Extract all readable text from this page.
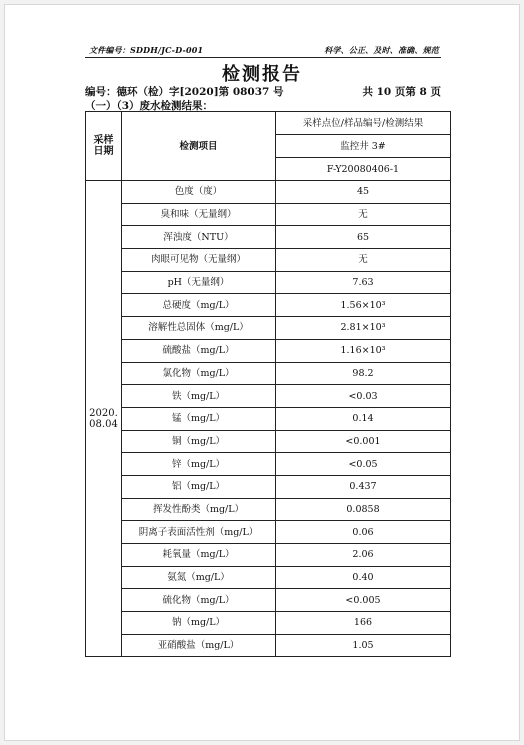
文件编号：SDDH/JC-D-001	科学、公正、及时、准确、规范
检测报告
编号：德环（检）字[2020]第 08037 号	共 10 页第 8 页
（一）（3）废水检测结果：
采样
日期	检测项目	采样点位/样品编号/检测结果
		监控井 3#
		F-Y20080406-1
2020.
08.04	色度（度）	45
	臭和味（无量纲）	无
	浑浊度（NTU）	65
	肉眼可见物（无量纲）	无
	pH（无量纲）	7.63
	总硬度（mg/L）	1.56×10³
	溶解性总固体（mg/L）	2.81×10³
	硫酸盐（mg/L）	1.16×10³
	氯化物（mg/L）	98.2
	铁（mg/L）	<0.03
	锰（mg/L）	0.14
	铜（mg/L）	<0.001
	锌（mg/L）	<0.05
	铝（mg/L）	0.437
	挥发性酚类（mg/L）	0.0858
	阴离子表面活性剂（mg/L）	0.06
	耗氧量（mg/L）	2.06
	氨氮（mg/L）	0.40
	硫化物（mg/L）	<0.005
	钠（mg/L）	166
	亚硝酸盐（mg/L）	1.05
